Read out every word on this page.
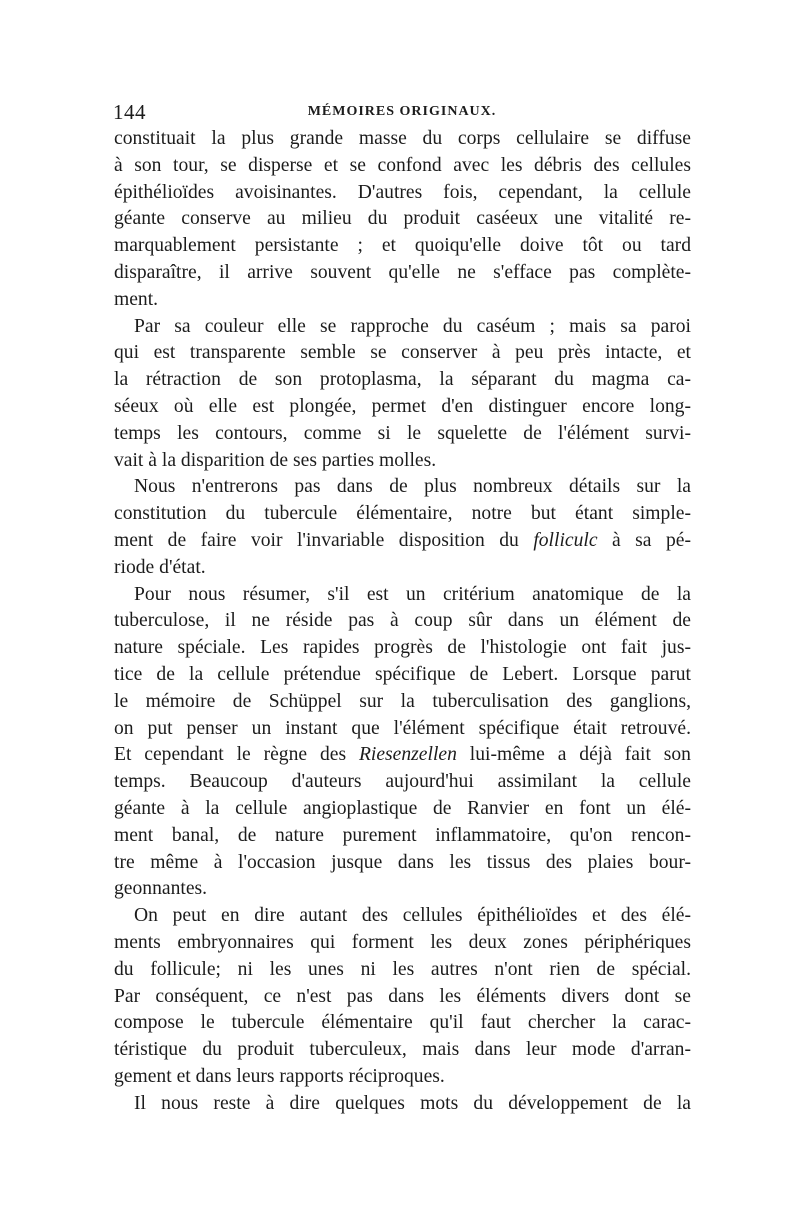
144	MÉMOIRES ORIGINAUX.
constituait la plus grande masse du corps cellulaire se diffuse
à son tour, se disperse et se confond avec les débris des cellules
épithélioïdes avoisinantes. D'autres fois, cependant, la cellule
géante conserve au milieu du produit caséeux une vitalité re-
marquablement persistante ; et quoiqu'elle doive tôt ou tard
disparaître, il arrive souvent qu'elle ne s'efface pas complète-
ment.
Par sa couleur elle se rapproche du caséum ; mais sa paroi
qui est transparente semble se conserver à peu près intacte, et
la rétraction de son protoplasma, la séparant du magma ca-
séeux où elle est plongée, permet d'en distinguer encore long-
temps les contours, comme si le squelette de l'élément survi-
vait à la disparition de ses parties molles.
Nous n'entrerons pas dans de plus nombreux détails sur la
constitution du tubercule élémentaire, notre but étant simple-
ment de faire voir l'invariable disposition du folliculc à sa pé-
riode d'état.
Pour nous résumer, s'il est un critérium anatomique de la
tuberculose, il ne réside pas à coup sûr dans un élément de
nature spéciale. Les rapides progrès de l'histologie ont fait jus-
tice de la cellule prétendue spécifique de Lebert. Lorsque parut
le mémoire de Schüppel sur la tuberculisation des ganglions,
on put penser un instant que l'élément spécifique était retrouvé.
Et cependant le règne des Riesenzellen lui-même a déjà fait son
temps. Beaucoup d'auteurs aujourd'hui assimilant la cellule
géante à la cellule angioplastique de Ranvier en font un élé-
ment banal, de nature purement inflammatoire, qu'on rencon-
tre même à l'occasion jusque dans les tissus des plaies bour-
geonnantes.
On peut en dire autant des cellules épithélioïdes et des élé-
ments embryonnaires qui forment les deux zones périphériques
du follicule; ni les unes ni les autres n'ont rien de spécial.
Par conséquent, ce n'est pas dans les éléments divers dont se
compose le tubercule élémentaire qu'il faut chercher la carac-
téristique du produit tuberculeux, mais dans leur mode d'arran-
gement et dans leurs rapports réciproques.
Il nous reste à dire quelques mots du développement de la
